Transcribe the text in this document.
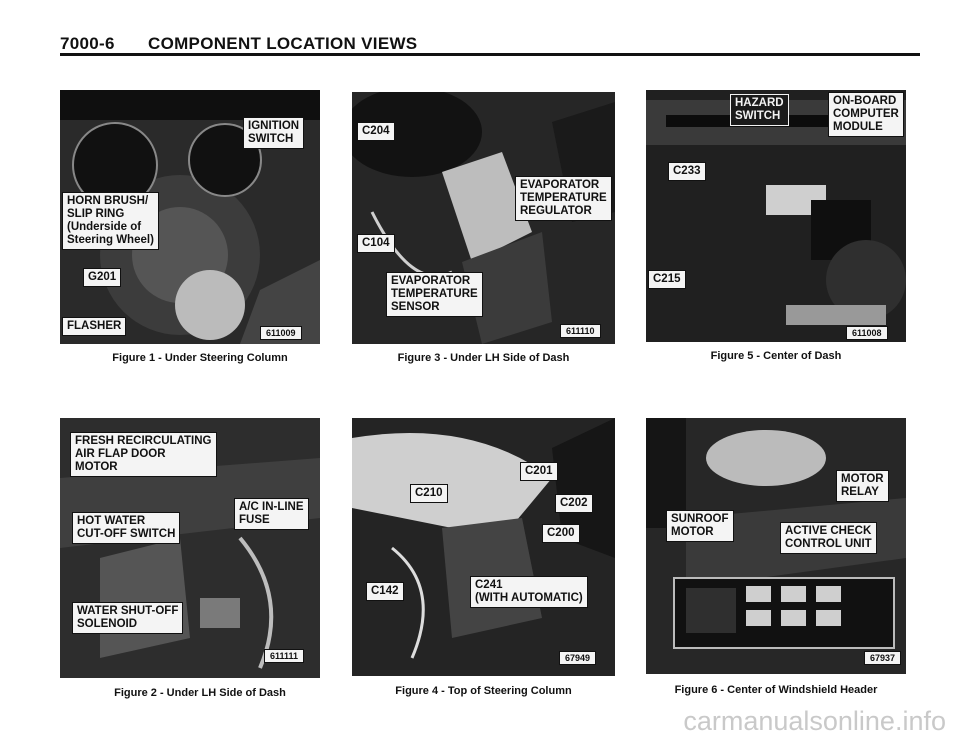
7000-6 COMPONENT LOCATION VIEWS
IGNITION
SWITCH
HORN BRUSH/
SLIP RING
(Underside of
Steering Wheel)
G201
FLASHER
611009
Figure 1 - Under Steering Column
C204
EVAPORATOR
TEMPERATURE
REGULATOR
C104
EVAPORATOR
TEMPERATURE
SENSOR
611110
Figure 3 - Under LH Side of Dash
HAZARD
SWITCH
ON-BOARD
COMPUTER
MODULE
C233
C215
611008
Figure 5 - Center of Dash
FRESH RECIRCULATING
AIR FLAP DOOR
MOTOR
A/C IN-LINE
FUSE
HOT WATER
CUT-OFF SWITCH
WATER SHUT-OFF
SOLENOID
611111
Figure 2 - Under LH Side of Dash
C201
C210
C202
C200
C241
(WITH AUTOMATIC)
C142
67949
Figure 4 - Top of Steering Column
MOTOR
RELAY
SUNROOF
MOTOR	ACTIVE CHECK
CONTROL UNIT
67937
Figure 6 - Center of Windshield Header
carmanualsonline.info
